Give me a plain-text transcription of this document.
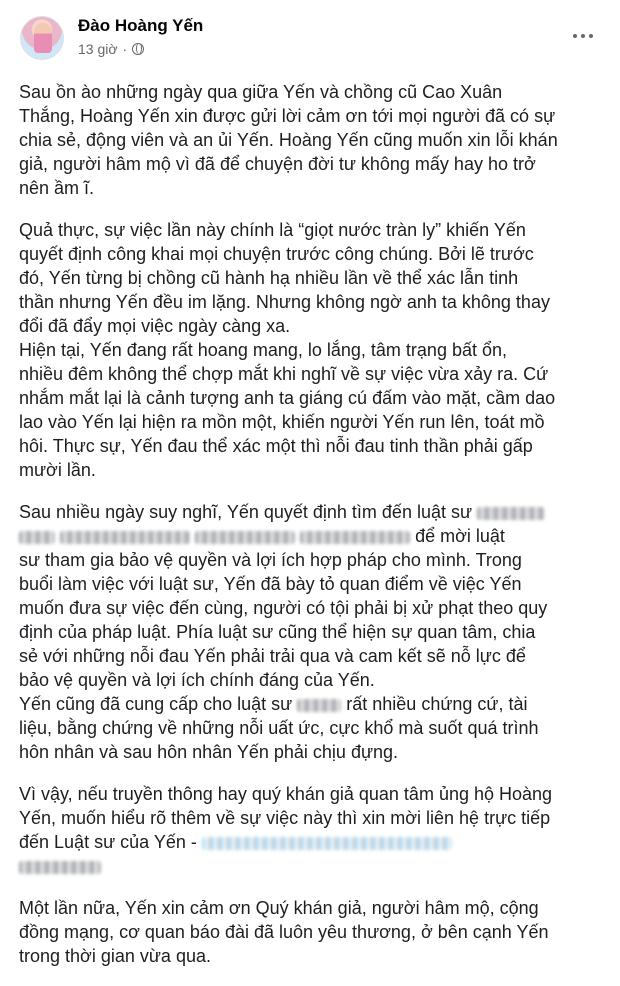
Đào Hoàng Yến
13 giờ ·
Sau ồn ào những ngày qua giữa Yến và chồng cũ Cao Xuân
Thắng, Hoàng Yến xin được gửi lời cảm ơn tới mọi người đã có sự
chia sẻ, động viên và an ủi Yến. Hoàng Yến cũng muốn xin lỗi khán
giả, người hâm mộ vì đã để chuyện đời tư không mấy hay ho trở
nên ầm ĩ.
Quả thực, sự việc lần này chính là “giọt nước tràn ly” khiến Yến
quyết định công khai mọi chuyện trước công chúng. Bởi lẽ trước
đó, Yến từng bị chồng cũ hành hạ nhiều lần về thể xác lẫn tinh
thần nhưng Yến đều im lặng. Nhưng không ngờ anh ta không thay
đổi đã đẩy mọi việc ngày càng xa.
Hiện tại, Yến đang rất hoang mang, lo lắng, tâm trạng bất ổn,
nhiều đêm không thể chợp mắt khi nghĩ về sự việc vừa xảy ra. Cứ
nhắm mắt lại là cảnh tượng anh ta giáng cú đấm vào mặt, cầm dao
lao vào Yến lại hiện ra mồn một, khiến người Yến run lên, toát mồ
hôi. Thực sự, Yến đau thể xác một thì nỗi đau tinh thần phải gấp
mười lần.
Sau nhiều ngày suy nghĩ, Yến quyết định tìm đến luật sư
để mời luật
sư tham gia bảo vệ quyền và lợi ích hợp pháp cho mình. Trong
buổi làm việc với luật sư, Yến đã bày tỏ quan điểm về việc Yến
muốn đưa sự việc đến cùng, người có tội phải bị xử phạt theo quy
định của pháp luật. Phía luật sư cũng thể hiện sự quan tâm, chia
sẻ với những nỗi đau Yến phải trải qua và cam kết sẽ nỗ lực để
bảo vệ quyền và lợi ích chính đáng của Yến.
Yến cũng đã cung cấp cho luật sư	rất nhiều chứng cứ, tài
liệu, bằng chứng về những nỗi uất ức, cực khổ mà suốt quá trình
hôn nhân và sau hôn nhân Yến phải chịu đựng.
Vì vậy, nếu truyền thông hay quý khán giả quan tâm ủng hộ Hoàng
Yến, muốn hiểu rõ thêm về sự việc này thì xin mời liên hệ trực tiếp
đến Luật sư của Yến -
Một lần nữa, Yến xin cảm ơn Quý khán giả, người hâm mộ, cộng
đồng mạng, cơ quan báo đài đã luôn yêu thương, ở bên cạnh Yến
trong thời gian vừa qua.
